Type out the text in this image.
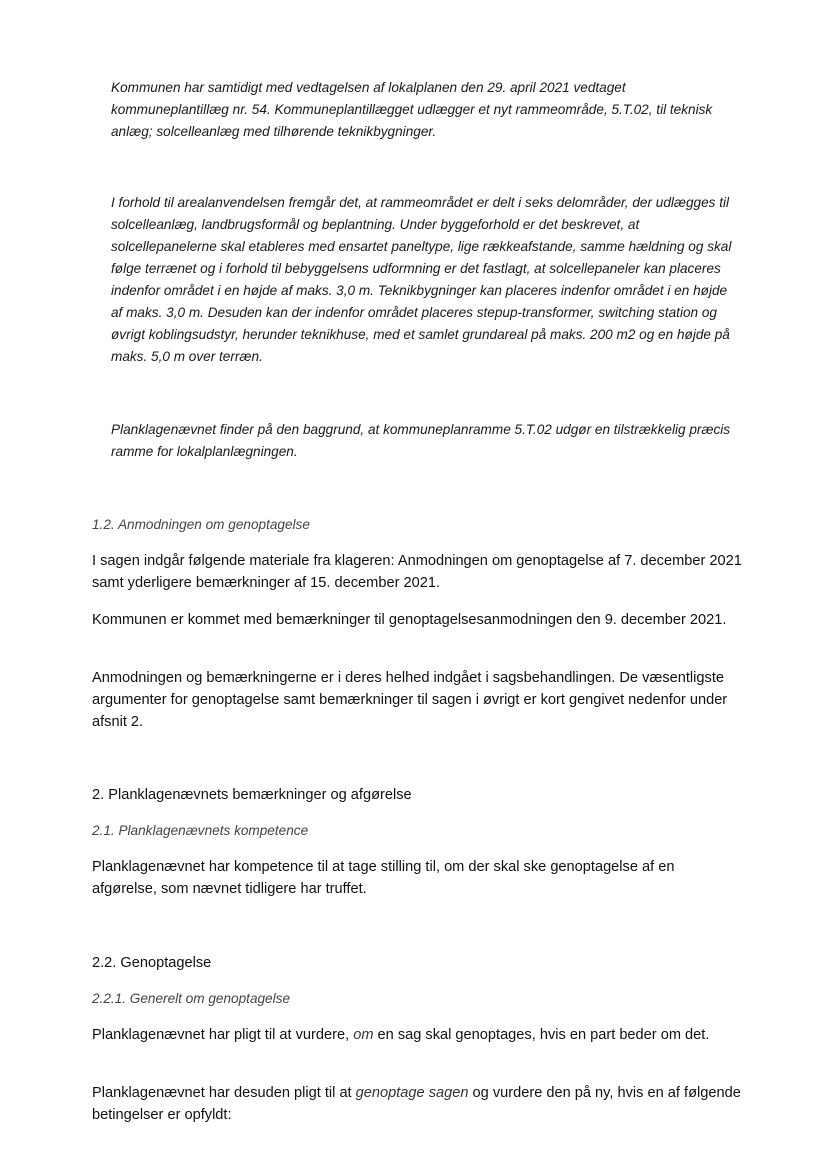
Kommunen har samtidigt med vedtagelsen af lokalplanen den 29. april 2021 vedtaget kommuneplantillæg nr. 54. Kommuneplantillægget udlægger et nyt rammeområde, 5.T.02, til teknisk anlæg; solcelleanlæg med tilhørende teknikbygninger.

I forhold til arealanvendelsen fremgår det, at rammeområdet er delt i seks delområder, der udlægges til solcelleanlæg, landbrugsformål og beplantning. Under byggeforhold er det beskrevet, at solcellepanelerne skal etableres med ensartet paneltype, lige rækkeafstande, samme hældning og skal følge terrænet og i forhold til bebyggelsens udformning er det fastlagt, at solcellepaneler kan placeres indenfor området i en højde af maks. 3,0 m. Teknikbygninger kan placeres indenfor området i en højde af maks. 3,0 m. Desuden kan der indenfor området placeres stepup-transformer, switching station og øvrigt koblingsudstyr, herunder teknikhuse, med et samlet grundareal på maks. 200 m2 og en højde på maks. 5,0 m over terræn.

Planklagenævnet finder på den baggrund, at kommuneplanramme 5.T.02 udgør en tilstrækkelig præcis ramme for lokalplanlægningen.

1.2. Anmodningen om genoptagelse

I sagen indgår følgende materiale fra klageren: Anmodningen om genoptagelse af 7. december 2021 samt yderligere bemærkninger af 15. december 2021.

Kommunen er kommet med bemærkninger til genoptagelsesanmodningen den 9. december 2021.

Anmodningen og bemærkningerne er i deres helhed indgået i sagsbehandlingen. De væsentligste argumenter for genoptagelse samt bemærkninger til sagen i øvrigt er kort gengivet nedenfor under afsnit 2.

2. Planklagenævnets bemærkninger og afgørelse

2.1. Planklagenævnets kompetence

Planklagenævnet har kompetence til at tage stilling til, om der skal ske genoptagelse af en afgørelse, som nævnet tidligere har truffet.

2.2. Genoptagelse

2.2.1. Generelt om genoptagelse

Planklagenævnet har pligt til at vurdere, om en sag skal genoptages, hvis en part beder om det.

Planklagenævnet har desuden pligt til at genoptage sagen og vurdere den på ny, hvis en af følgende betingelser er opfyldt:
